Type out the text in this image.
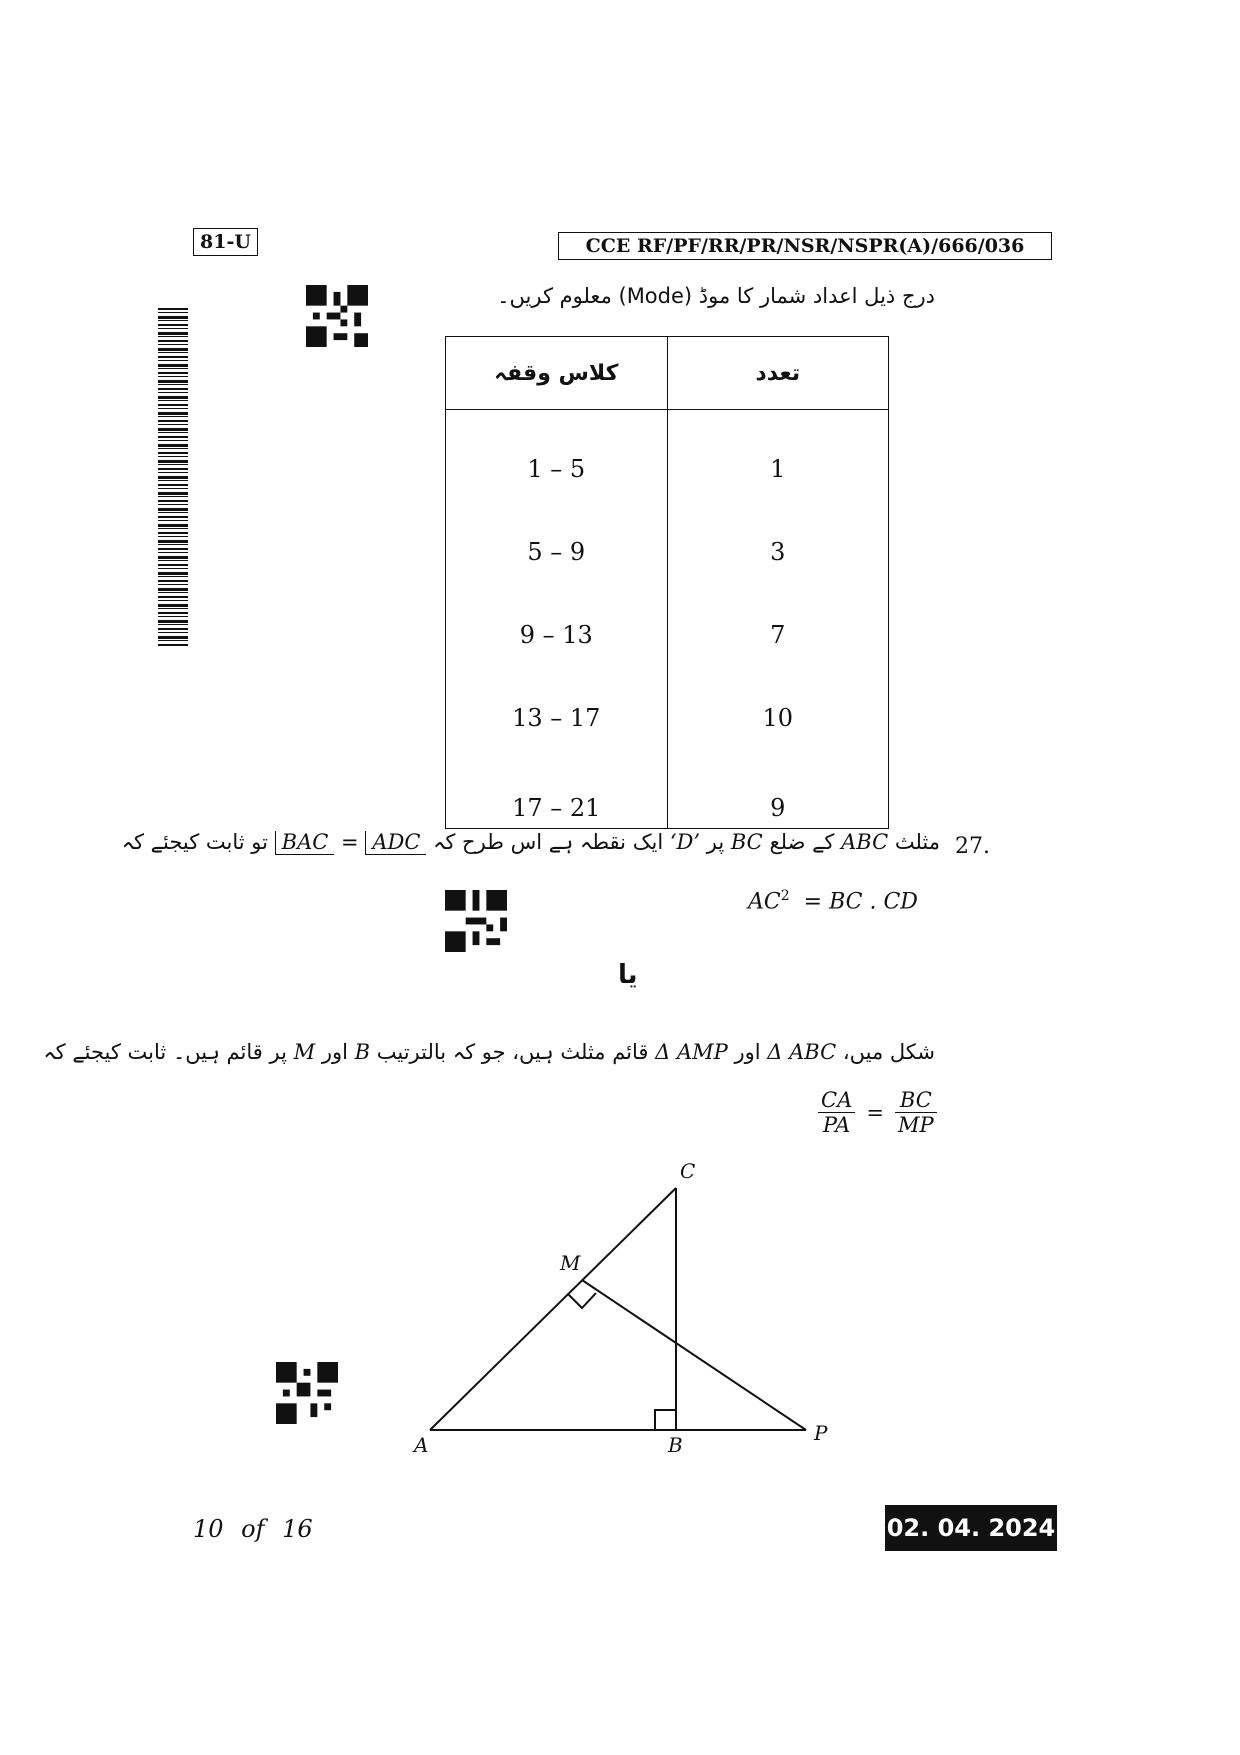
81-U	CCE RF/PF/RR/PR/NSR/NSPR(A)/666/036
درج ذیل اعداد شمار کا موڈ (Mode) معلوم کریں۔
کلاس وقفہ	تعدد
1 – 5	1
5 – 9	3
9 – 13	7
13 – 17	10
17 – 21	9
27.
مثلث ABC کے ضلع BC پر ‘D’ ایک نقطہ ہے اس طرح کہ BAC = ADC تو ثابت کیجئے کہ
$AC^2$ = BC . CD
یا
شکل میں، Δ ABC اور Δ AMP قائم مثلث ہیں، جو کہ بالترتیب B اور M پر قائم ہیں۔ ثابت کیجئے کہ
$\frac{CA}{PA} = \frac{BC}{MP}$
C
M
A	B	P
10 of 16	02. 04. 2024
